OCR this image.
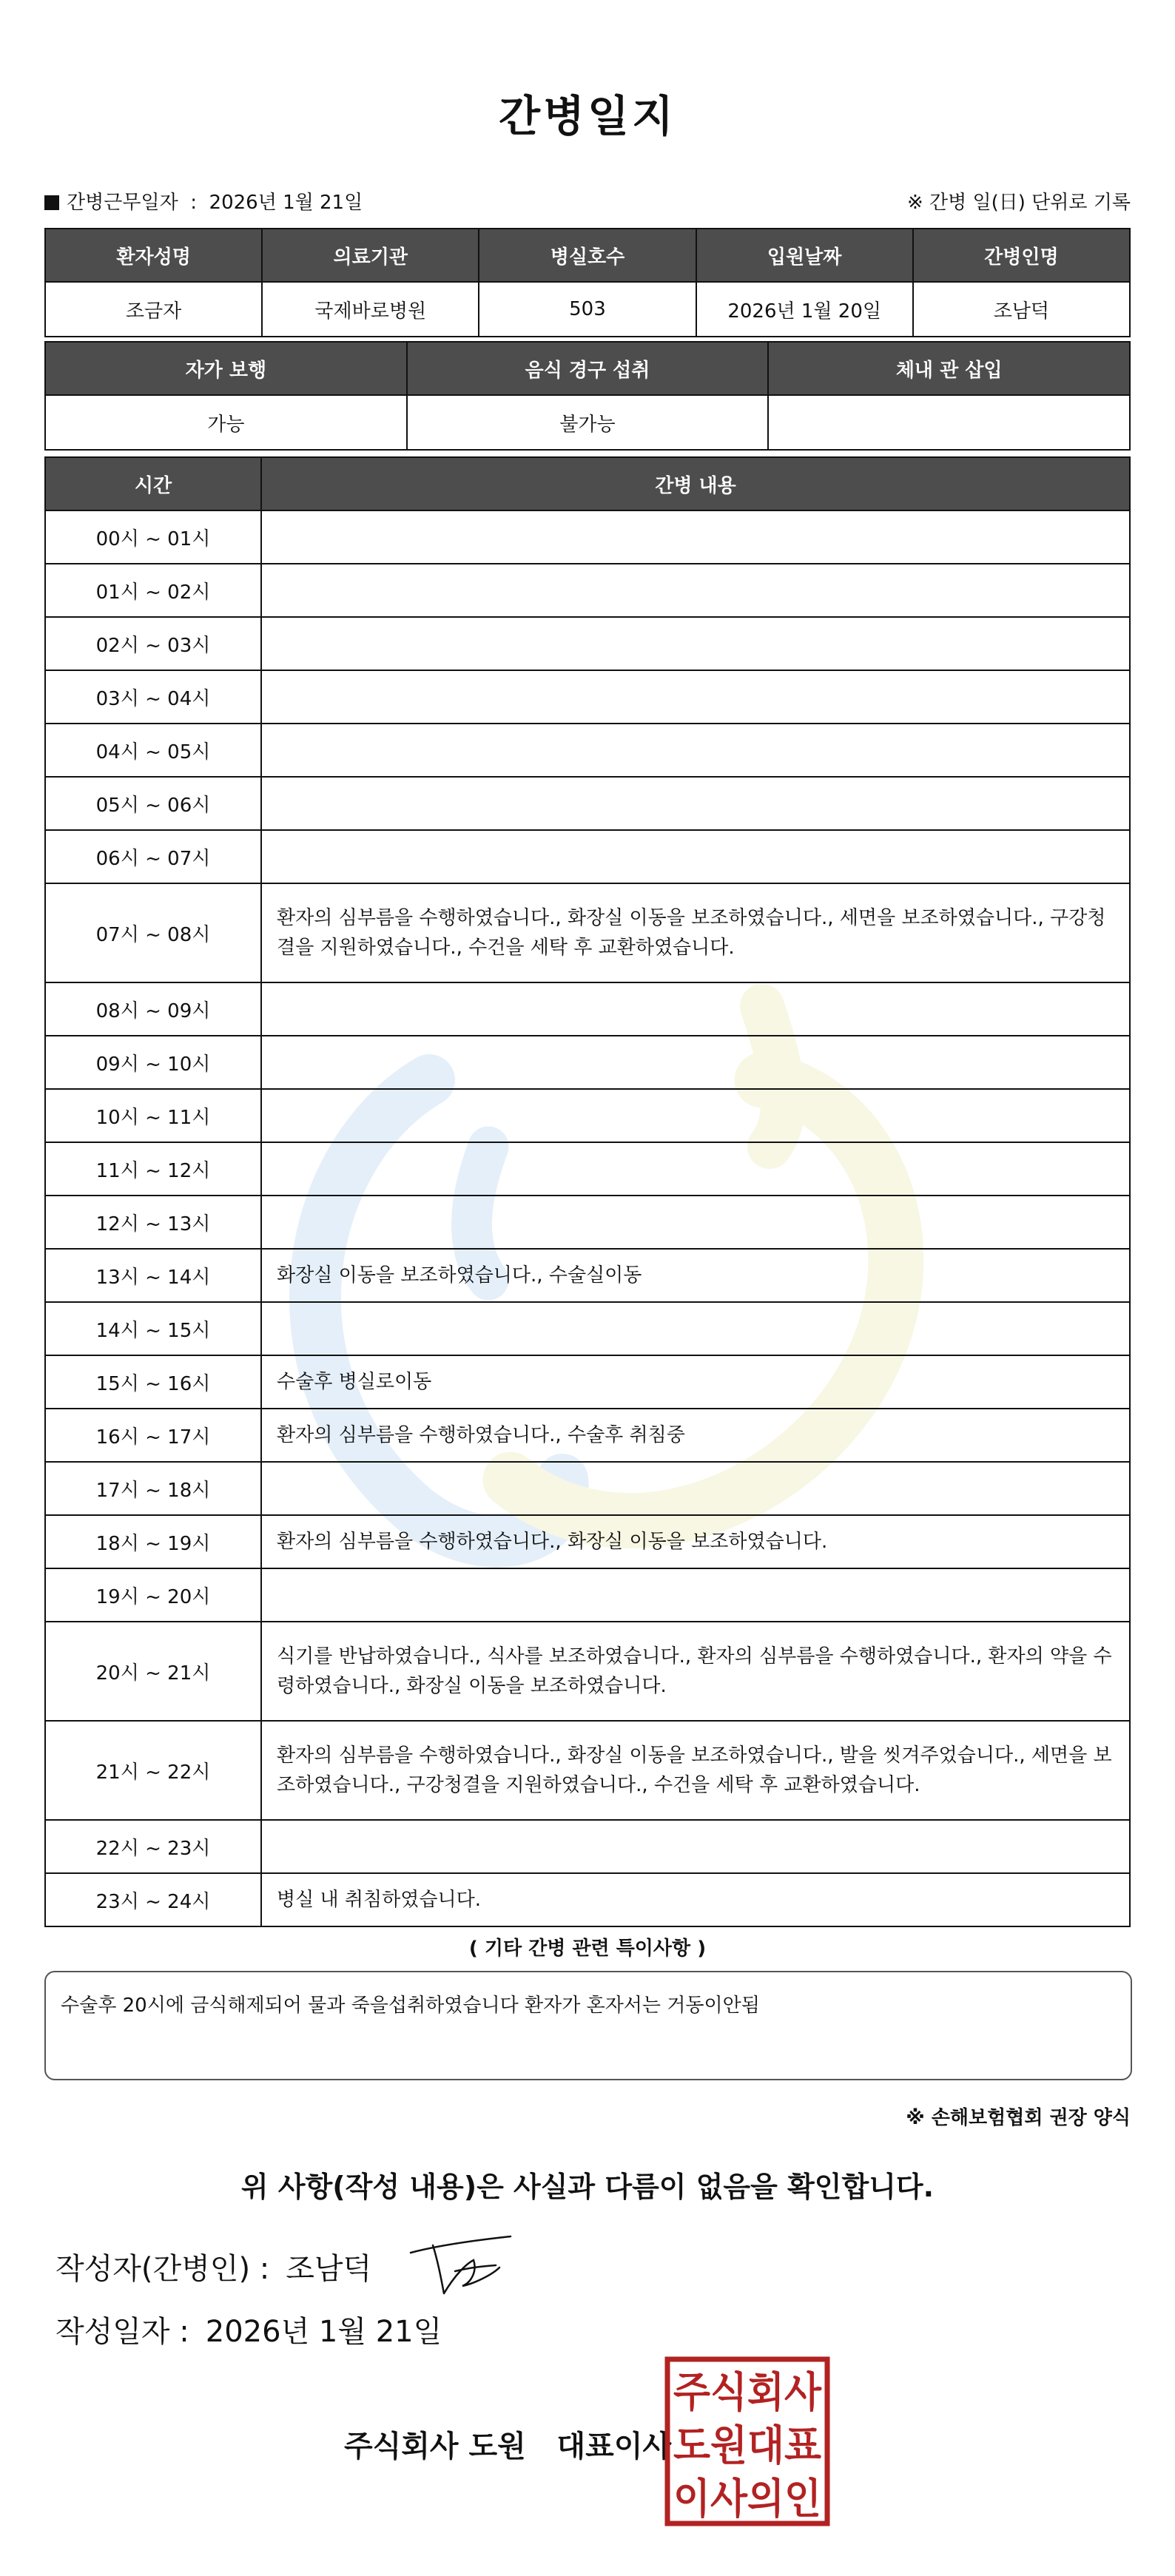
간병일지
간병근무일자  :  2026년 1월 21일	※ 간병 일(日) 단위로 기록
환자성명	의료기관	병실호수	입원날짜	간병인명
조금자	국제바로병원	503	2026년 1월 20일	조남덕
자가 보행	음식 경구 섭취	체내 관 삽입
가능	불가능	
시간	간병 내용
00시 ~ 01시	
01시 ~ 02시	
02시 ~ 03시	
03시 ~ 04시	
04시 ~ 05시	
05시 ~ 06시	
06시 ~ 07시	
07시 ~ 08시	환자의 심부름을 수행하였습니다., 화장실 이동을 보조하였습니다., 세면을 보조하였습니다., 구강청결을 지원하였습니다., 수건을 세탁 후 교환하였습니다.
08시 ~ 09시	
09시 ~ 10시	
10시 ~ 11시	
11시 ~ 12시	
12시 ~ 13시	
13시 ~ 14시	화장실 이동을 보조하였습니다., 수술실이동
14시 ~ 15시	
15시 ~ 16시	수술후 병실로이동
16시 ~ 17시	환자의 심부름을 수행하였습니다., 수술후 취침중
17시 ~ 18시	
18시 ~ 19시	환자의 심부름을 수행하였습니다., 화장실 이동을 보조하였습니다.
19시 ~ 20시	
20시 ~ 21시	식기를 반납하였습니다., 식사를 보조하였습니다., 환자의 심부름을 수행하였습니다., 환자의 약을 수령하였습니다., 화장실 이동을 보조하였습니다.
21시 ~ 22시	환자의 심부름을 수행하였습니다., 화장실 이동을 보조하였습니다., 발을 씻겨주었습니다., 세면을 보조하였습니다., 구강청결을 지원하였습니다., 수건을 세탁 후 교환하였습니다.
22시 ~ 23시	
23시 ~ 24시	병실 내 취침하였습니다.
( 기타 간병 관련 특이사항 )
수술후 20시에 금식해제되어 물과 죽을섭취하였습니다 환자가 혼자서는 거동이안됨
※ 손해보험협회 권장 양식
위 사항(작성 내용)은 사실과 다름이 없음을 확인합니다.
작성자(간병인) : 조남덕
작성일자 : 2026년 1월 21일
주식회사 도원   대표이사
주식회사
도원대표
이사의인
